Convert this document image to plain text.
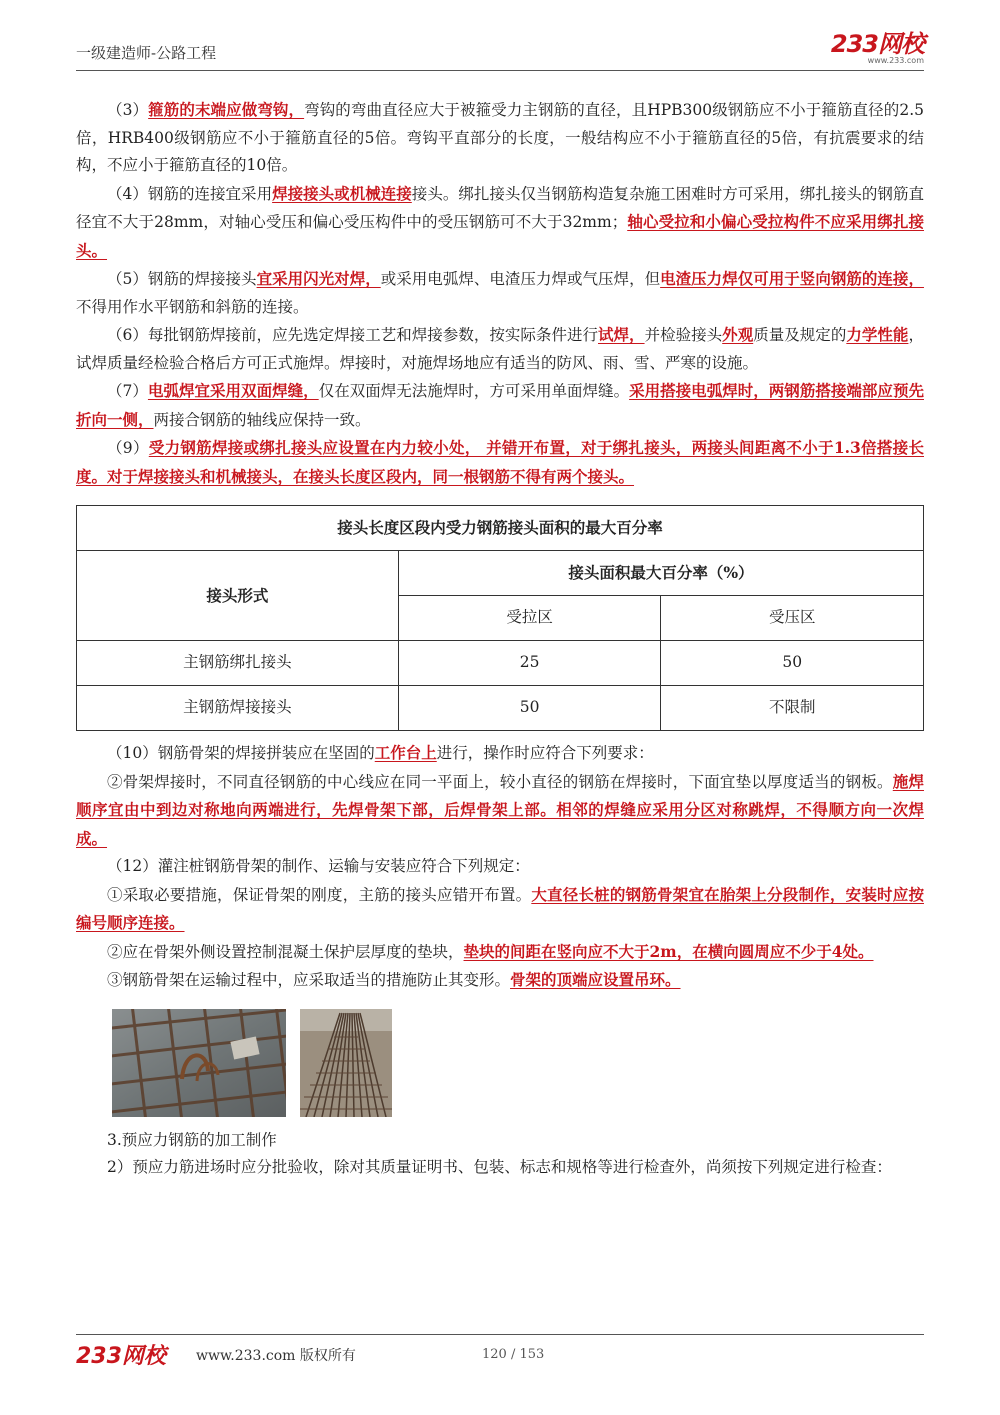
一级建造师-公路工程	233网校
www.233.com

（3）箍筋的末端应做弯钩，弯钩的弯曲直径应大于被箍受力主钢筋的直径，且HPB300级钢筋应不小于箍筋直径的2.5倍，HRB400级钢筋应不小于箍筋直径的5倍。弯钩平直部分的长度，一般结构应不小于箍筋直径的5倍，有抗震要求的结构，不应小于箍筋直径的10倍。

（4）钢筋的连接宜采用焊接接头或机械连接接头。绑扎接头仅当钢筋构造复杂施工困难时方可采用，绑扎接头的钢筋直径宜不大于28mm，对轴心受压和偏心受压构件中的受压钢筋可不大于32mm；轴心受拉和小偏心受拉构件不应采用绑扎接头。

（5）钢筋的焊接接头宜采用闪光对焊，或采用电弧焊、电渣压力焊或气压焊，但电渣压力焊仅可用于竖向钢筋的连接，不得用作水平钢筋和斜筋的连接。

（6）每批钢筋焊接前，应先选定焊接工艺和焊接参数，按实际条件进行试焊，并检验接头外观质量及规定的力学性能，试焊质量经检验合格后方可正式施焊。焊接时，对施焊场地应有适当的防风、雨、雪、严寒的设施。

（7）电弧焊宜采用双面焊缝，仅在双面焊无法施焊时，方可采用单面焊缝。采用搭接电弧焊时，两钢筋搭接端部应预先折向一侧，两接合钢筋的轴线应保持一致。

（9）受力钢筋焊接或绑扎接头应设置在内力较小处， 并错开布置，对于绑扎接头，两接头间距离不小于1.3倍搭接长度。对于焊接接头和机械接头，在接头长度区段内，同一根钢筋不得有两个接头。

接头长度区段内受力钢筋接头面积的最大百分率		
接头形式	接头面积最大百分率（%）	
	受拉区	受压区
主钢筋绑扎接头	25	50
主钢筋焊接接头	50	不限制

（10）钢筋骨架的焊接拼装应在坚固的工作台上进行，操作时应符合下列要求：

②骨架焊接时，不同直径钢筋的中心线应在同一平面上，较小直径的钢筋在焊接时，下面宜垫以厚度适当的钢板。施焊顺序宜由中到边对称地向两端进行，先焊骨架下部，后焊骨架上部。相邻的焊缝应采用分区对称跳焊，不得顺方向一次焊成。

（12）灌注桩钢筋骨架的制作、运输与安装应符合下列规定：

①采取必要措施，保证骨架的刚度，主筋的接头应错开布置。大直径长桩的钢筋骨架宜在胎架上分段制作，安装时应按编号顺序连接。

②应在骨架外侧设置控制混凝土保护层厚度的垫块，垫块的间距在竖向应不大于2m，在横向圆周应不少于4处。

③钢筋骨架在运输过程中，应采取适当的措施防止其变形。骨架的顶端应设置吊环。

3.预应力钢筋的加工制作

2）预应力筋进场时应分批验收，除对其质量证明书、包装、标志和规格等进行检查外，尚须按下列规定进行检查：

233网校 www.233.com 版权所有	120 / 153
